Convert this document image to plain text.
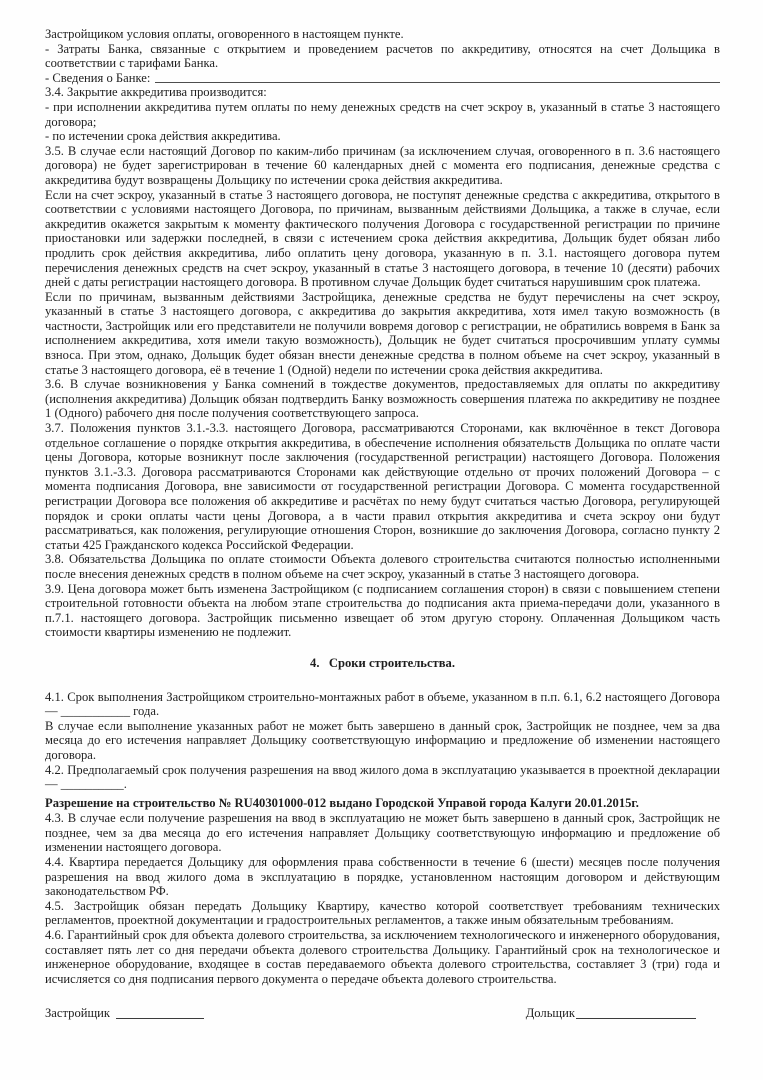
Застройщиком условия оплаты, оговоренного в настоящем пункте.

- Затраты Банка, связанные с открытием и проведением расчетов по аккредитиву, относятся на счет Дольщика в соответствии с тарифами Банка.

- Сведения о Банке:

3.4. Закрытие аккредитива производится:

- при исполнении аккредитива путем оплаты по нему денежных средств на счет эскроу в, указанный в статье 3 настоящего договора;

- по истечении срока действия аккредитива.

3.5. В случае если настоящий Договор по каким-либо причинам (за исключением случая, оговоренного в п. 3.6 настоящего договора) не будет зарегистрирован в течение 60 календарных дней с момента его подписания, денежные средства с аккредитива будут возвращены Дольщику по истечении срока действия аккредитива.

Если на счет эскроу, указанный в статье 3 настоящего договора, не поступят денежные средства с аккредитива, открытого в соответствии с условиями настоящего Договора, по причинам, вызванным действиями Дольщика, а также в случае, если аккредитив окажется закрытым к моменту фактического получения Договора с государственной регистрации по причине приостановки или задержки последней, в связи с истечением срока действия аккредитива, Дольщик будет обязан либо продлить срок действия аккредитива, либо оплатить цену договора, указанную в п. 3.1. настоящего договора путем перечисления денежных средств на счет эскроу, указанный в статье 3 настоящего договора, в течение 10 (десяти) рабочих дней с даты регистрации настоящего договора. В противном случае Дольщик будет считаться нарушившим срок платежа.

Если по причинам, вызванным действиями Застройщика, денежные средства не будут перечислены на счет эскроу, указанный в статье 3 настоящего договора, с аккредитива до закрытия аккредитива, хотя имел такую возможность (в частности, Застройщик или его представители не получили вовремя договор с регистрации, не обратились вовремя в Банк за исполнением аккредитива, хотя имели такую возможность), Дольщик не будет считаться просрочившим уплату суммы взноса. При этом, однако, Дольщик будет обязан внести денежные средства в полном объеме на счет эскроу, указанный в статье 3 настоящего договора, её в течение 1 (Одной) недели по истечении срока действия аккредитива.

3.6. В случае возникновения у Банка сомнений в тождестве документов, предоставляемых для оплаты по аккредитиву (исполнения аккредитива) Дольщик обязан подтвердить Банку возможность совершения платежа по аккредитиву не позднее 1 (Одного) рабочего дня после получения соответствующего запроса.

3.7. Положения пунктов 3.1.-3.3. настоящего Договора, рассматриваются Сторонами, как включённое в текст Договора отдельное соглашение о порядке открытия аккредитива, в обеспечение исполнения обязательств Дольщика по оплате части цены Договора, которые возникнут после заключения (государственной регистрации) настоящего Договора. Положения пунктов 3.1.-3.3. Договора рассматриваются Сторонами как действующие отдельно от прочих положений Договора – с момента подписания Договора, вне зависимости от государственной регистрации Договора. С момента государственной регистрации Договора все положения об аккредитиве и расчётах по нему будут считаться частью Договора, регулирующей порядок и сроки оплаты части цены Договора, а в части правил открытия аккредитива и счета эскроу они будут рассматриваться, как положения, регулирующие отношения Сторон, возникшие до заключения Договора, согласно пункту 2 статьи 425 Гражданского кодекса Российской Федерации.

3.8. Обязательства Дольщика по оплате стоимости Объекта долевого строительства считаются полностью исполненными после внесения денежных средств в полном объеме на счет эскроу, указанный в статье 3 настоящего договора.

3.9. Цена договора может быть изменена Застройщиком (с подписанием соглашения сторон) в связи с повышением степени строительной готовности объекта на любом этапе строительства до подписания акта приема-передачи доли, указанного в п.7.1. настоящего договора. Застройщик письменно извещает об этом другую сторону. Оплаченная Дольщиком часть стоимости квартиры изменению не подлежит.

4.   Сроки строительства.

4.1. Срок выполнения Застройщиком строительно-монтажных работ в объеме, указанном в п.п. 6.1, 6.2 настоящего Договора — ___________ года.

В случае если выполнение указанных работ не может быть завершено в данный срок, Застройщик не позднее, чем за два месяца до его истечения направляет Дольщику соответствующую информацию и предложение об изменении настоящего договора.

4.2. Предполагаемый срок получения разрешения на ввод жилого дома в эксплуатацию указывается в проектной декларации — __________.

Разрешение на строительство № RU40301000-012 выдано Городской Управой города Калуги 20.01.2015г.

4.3. В случае если получение разрешения на ввод в эксплуатацию не может быть завершено в данный срок, Застройщик не позднее, чем за два месяца до его истечения направляет Дольщику соответствующую информацию и предложение об изменении настоящего договора.

4.4. Квартира передается Дольщику для оформления права собственности в течение 6 (шести) месяцев после получения разрешения на ввод жилого дома в эксплуатацию в порядке, установленном настоящим договором и действующим законодательством РФ.

4.5. Застройщик обязан передать Дольщику Квартиру, качество которой соответствует требованиям технических регламентов, проектной документации и градостроительных регламентов, а также иным обязательным требованиям.

4.6. Гарантийный срок для объекта долевого строительства, за исключением технологического и инженерного оборудования, составляет пять лет со дня передачи объекта долевого строительства Дольщику. Гарантийный срок на технологическое и инженерное оборудование, входящее в состав передаваемого объекта долевого строительства, составляет 3 (три) года и исчисляется со дня подписания первого документа о передаче объекта долевого строительства.

Застройщик	Дольщик
